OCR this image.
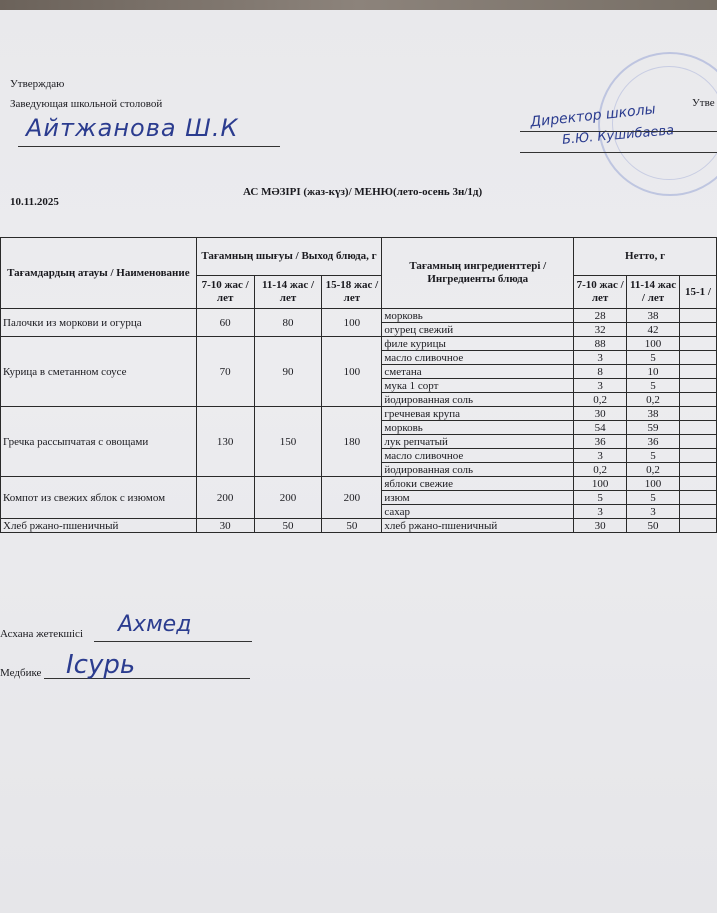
Утверждаю
Заведующая школьной столовой
Айтжанова Ш.К
Утве
Директор школы
Б.Ю. Кушибаева
10.11.2025
АС МӘЗІРІ (жаз-күз)/ МЕНЮ(лето-осень 3н/1д)
Тағамдардың атауы / Наименование	Тағамның шығуы / Выход блюда, г			Тағамның ингредиенттері / Ингредиенты блюда	Нетто, г		
	7-10 жас / лет	11-14 жас / лет	15-18 жас / лет		7-10 жас / лет	11-14 жас / лет	15-1 /
Палочки из моркови и огурца	60	80	100	морковь	28	38	
				огурец свежий	32	42	
Курица в сметанном соусе	70	90	100	филе курицы	88	100	
				масло сливочное	3	5	
				сметана	8	10	
				мука 1 сорт	3	5	
				йодированная соль	0,2	0,2	
Гречка рассыпчатая с овощами	130	150	180	гречневая крупа	30	38	
				морковь	54	59	
				лук репчатый	36	36	
				масло сливочное	3	5	
				йодированная соль	0,2	0,2	
Компот из свежих яблок с изюмом	200	200	200	яблоки свежие	100	100	
				изюм	5	5	
				сахар	3	3	
Хлеб ржано-пшеничный	30	50	50	хлеб ржано-пшеничный	30	50	
Асхана жетекшісі Ахмед
Медбике Ісурь
